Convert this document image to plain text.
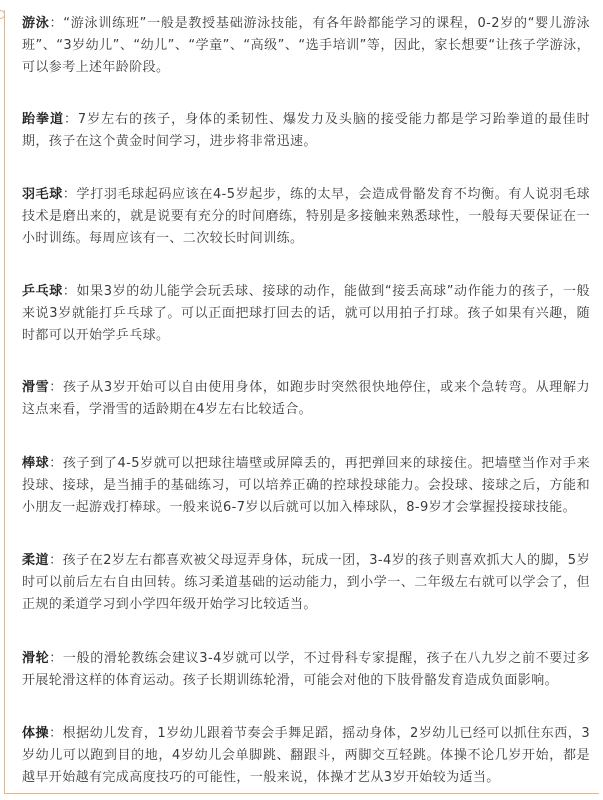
游泳：“游泳训练班”一般是教授基础游泳技能，有各年龄都能学习的课程，0-2岁的“婴儿游泳班”、“3岁幼儿”、“幼儿”、“学童”、“高级”、“选手培训”等，因此，家长想要“让孩子学游泳，可以参考上述年龄阶段。

跆拳道：7岁左右的孩子，身体的柔韧性、爆发力及头脑的接受能力都是学习跆拳道的最佳时期，孩子在这个黄金时间学习，进步将非常迅速。

羽毛球：学打羽毛球起码应该在4-5岁起步，练的太早，会造成骨骼发育不均衡。有人说羽毛球技术是磨出来的，就是说要有充分的时间磨练，特别是多接触来熟悉球性，一般每天要保证在一小时训练。每周应该有一、二次较长时间训练。

乒乓球：如果3岁的幼儿能学会玩丢球、接球的动作，能做到“接丢高球”动作能力的孩子，一般来说3岁就能打乒乓球了。可以正面把球打回去的话，就可以用拍子打球。孩子如果有兴趣，随时都可以开始学乒乓球。

滑雪：孩子从3岁开始可以自由使用身体，如跑步时突然很快地停住，或来个急转弯。从理解力这点来看，学滑雪的适龄期在4岁左右比较适合。

棒球：孩子到了4-5岁就可以把球往墙壁或屏障丢的，再把弹回来的球接住。把墙壁当作对手来投球、接球，是当捕手的基础练习，可以培养正确的控球投球能力。会投球、接球之后，方能和小朋友一起游戏打棒球。一般来说6-7岁以后就可以加入棒球队，8-9岁才会掌握投接球技能。

柔道：孩子在2岁左右都喜欢被父母逗弄身体，玩成一团，3-4岁的孩子则喜欢抓大人的脚，5岁时可以前后左右自由回转。练习柔道基础的运动能力，到小学一、二年级左右就可以学会了，但正规的柔道学习到小学四年级开始学习比较适当。

滑轮：一般的滑轮教练会建议3-4岁就可以学，不过骨科专家提醒，孩子在八九岁之前不要过多开展轮滑这样的体育运动。孩子长期训练轮滑，可能会对他的下肢骨骼发育造成负面影响。

体操：根据幼儿发育，1岁幼儿跟着节奏会手舞足蹈，摇动身体，2岁幼儿已经可以抓住东西，3岁幼儿可以跑到目的地，4岁幼儿会单脚跳、翻跟斗，两脚交互轻跳。体操不论几岁开始，都是越早开始越有完成高度技巧的可能性，一般来说，体操才艺从3岁开始较为适当。
